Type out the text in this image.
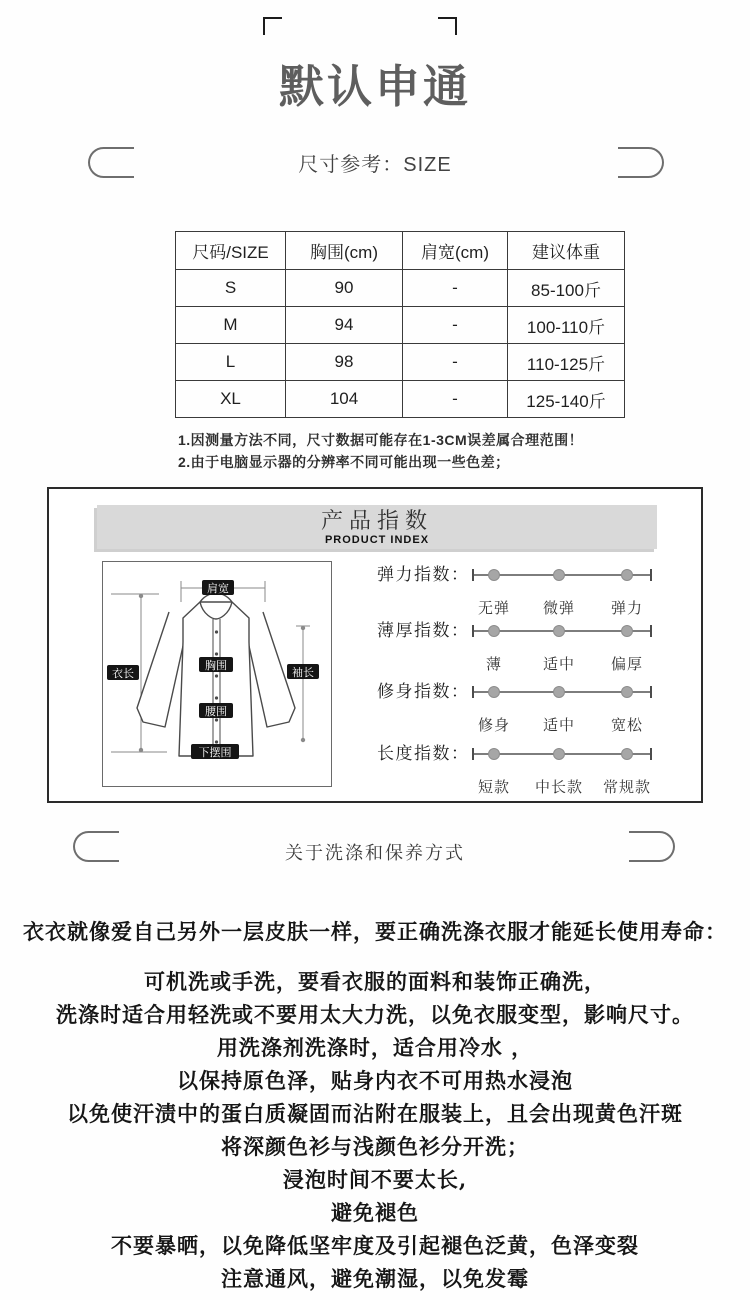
默认申通
尺寸参考：SIZE
尺码/SIZE	胸围(cm)	肩宽(cm)	建议体重
S	90	-	85-100斤
M	94	-	100-110斤
L	98	-	110-125斤
XL	104	-	125-140斤
1.因测量方法不同，尺寸数据可能存在1-3CM误差属合理范围！
2.由于电脑显示器的分辨率不同可能出现一些色差；
产品指数
PRODUCT INDEX
肩宽
衣长
胸围
腰围
下摆围
袖长
弹力指数：
无弹	微弹	弹力
薄厚指数：
薄	适中	偏厚
修身指数：
修身	适中	宽松
长度指数：
短款	中长款	常规款
关于洗涤和保养方式
衣衣就像爱自己另外一层皮肤一样，要正确洗涤衣服才能延长使用寿命：
可机洗或手洗，要看衣服的面料和装饰正确洗，
洗涤时适合用轻洗或不要用太大力洗，以免衣服变型，影响尺寸。
用洗涤剂洗涤时，适合用冷水 ，
以保持原色泽，贴身内衣不可用热水浸泡
以免使汗渍中的蛋白质凝固而沾附在服装上，且会出现黄色汗斑
将深颜色衫与浅颜色衫分开洗；
浸泡时间不要太长,
避免褪色
不要暴晒，以免降低坚牢度及引起褪色泛黄，色泽变裂
注意通风，避免潮湿，以免发霉
